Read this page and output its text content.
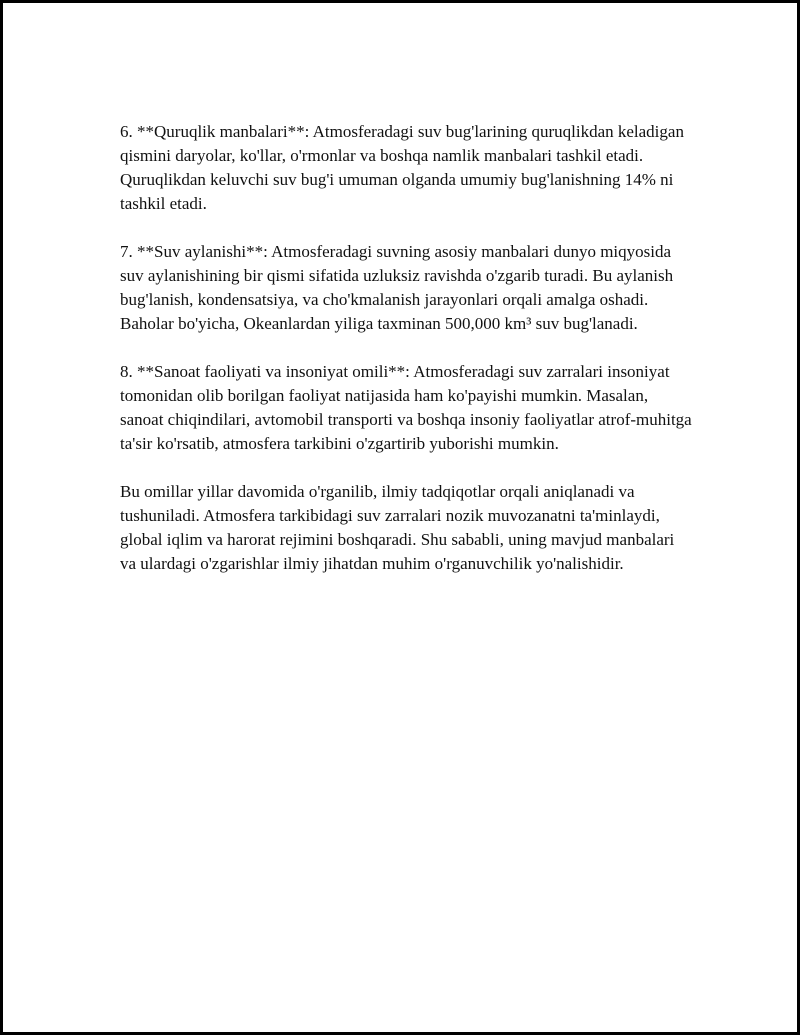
6. **Quruqlik manbalari**: Atmosferadagi suv bug'larining quruqlikdan keladigan qismini daryolar, ko'llar, o'rmonlar va boshqa namlik manbalari tashkil etadi. Quruqlikdan keluvchi suv bug'i umuman olganda umumiy bug'lanishning 14% ni tashkil etadi.

7. **Suv aylanishi**: Atmosferadagi suvning asosiy manbalari dunyo miqyosida suv aylanishining bir qismi sifatida uzluksiz ravishda o'zgarib turadi. Bu aylanish bug'lanish, kondensatsiya, va cho'kmalanish jarayonlari orqali amalga oshadi. Baholar bo'yicha, Okeanlardan yiliga taxminan 500,000 km³ suv bug'lanadi.

8. **Sanoat faoliyati va insoniyat omili**: Atmosferadagi suv zarralari insoniyat tomonidan olib borilgan faoliyat natijasida ham ko'payishi mumkin. Masalan, sanoat chiqindilari, avtomobil transporti va boshqa insoniy faoliyatlar atrof-muhitga ta'sir ko'rsatib, atmosfera tarkibini o'zgartirib yuborishi mumkin.

Bu omillar yillar davomida o'rganilib, ilmiy tadqiqotlar orqali aniqlanadi va tushuniladi. Atmosfera tarkibidagi suv zarralari nozik muvozanatni ta'minlaydi, global iqlim va harorat rejimini boshqaradi. Shu sababli, uning mavjud manbalari va ulardagi o'zgarishlar ilmiy jihatdan muhim o'rganuvchilik yo'nalishidir.
